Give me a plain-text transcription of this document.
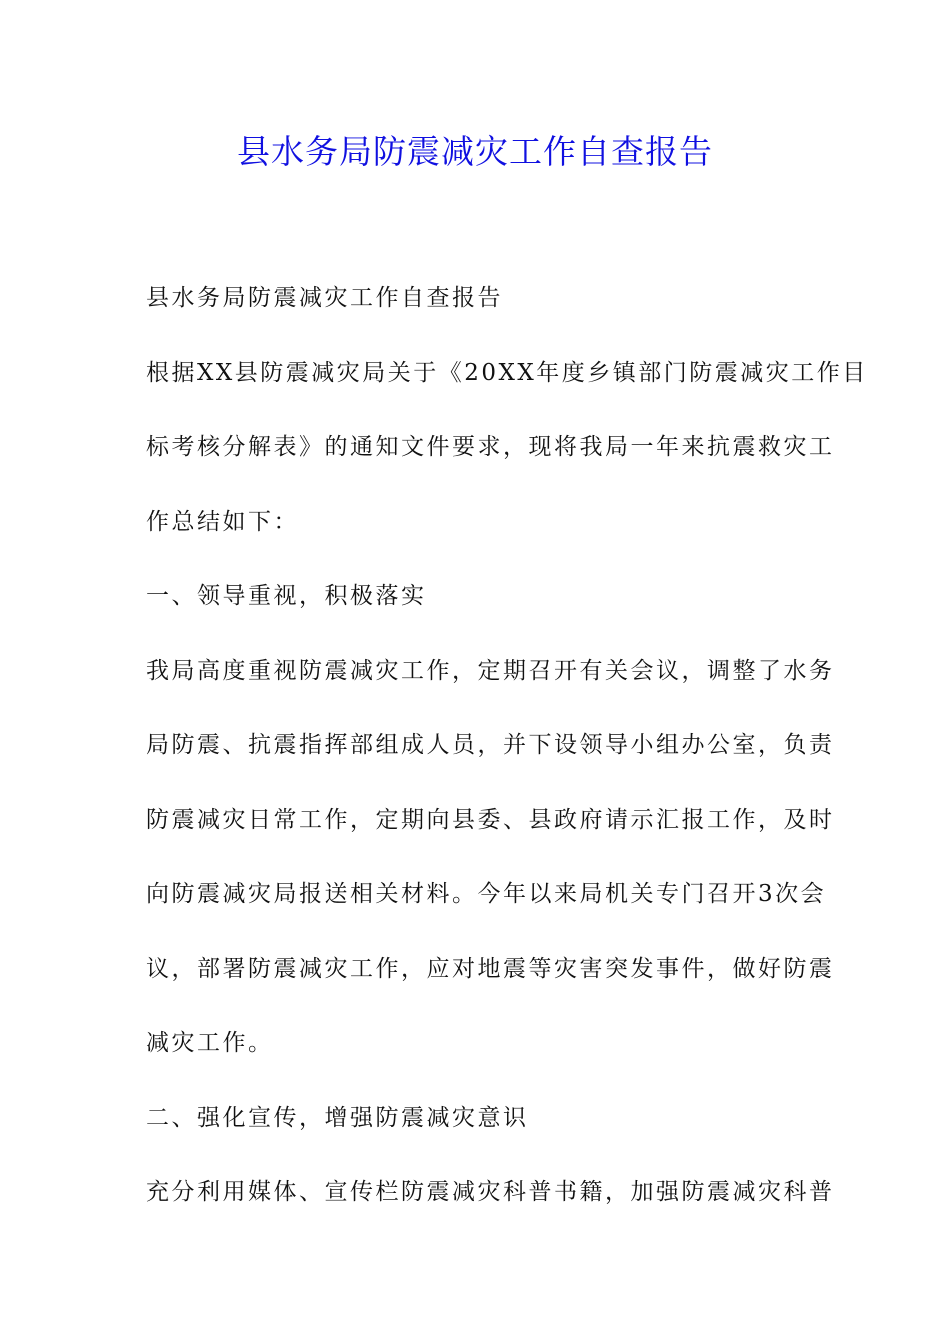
县水务局防震减灾工作自查报告
县水务局防震减灾工作自查报告
根据XX县防震减灾局关于《20XX年度乡镇部门防震减灾工作目
标考核分解表》的通知文件要求，现将我局一年来抗震救灾工
作总结如下：
一、领导重视，积极落实
我局高度重视防震减灾工作，定期召开有关会议，调整了水务
局防震、抗震指挥部组成人员，并下设领导小组办公室，负责
防震减灾日常工作，定期向县委、县政府请示汇报工作，及时
向防震减灾局报送相关材料。今年以来局机关专门召开3次会
议，部署防震减灾工作，应对地震等灾害突发事件，做好防震
减灾工作。
二、强化宣传，增强防震减灾意识
充分利用媒体、宣传栏防震减灾科普书籍，加强防震减灾科普
